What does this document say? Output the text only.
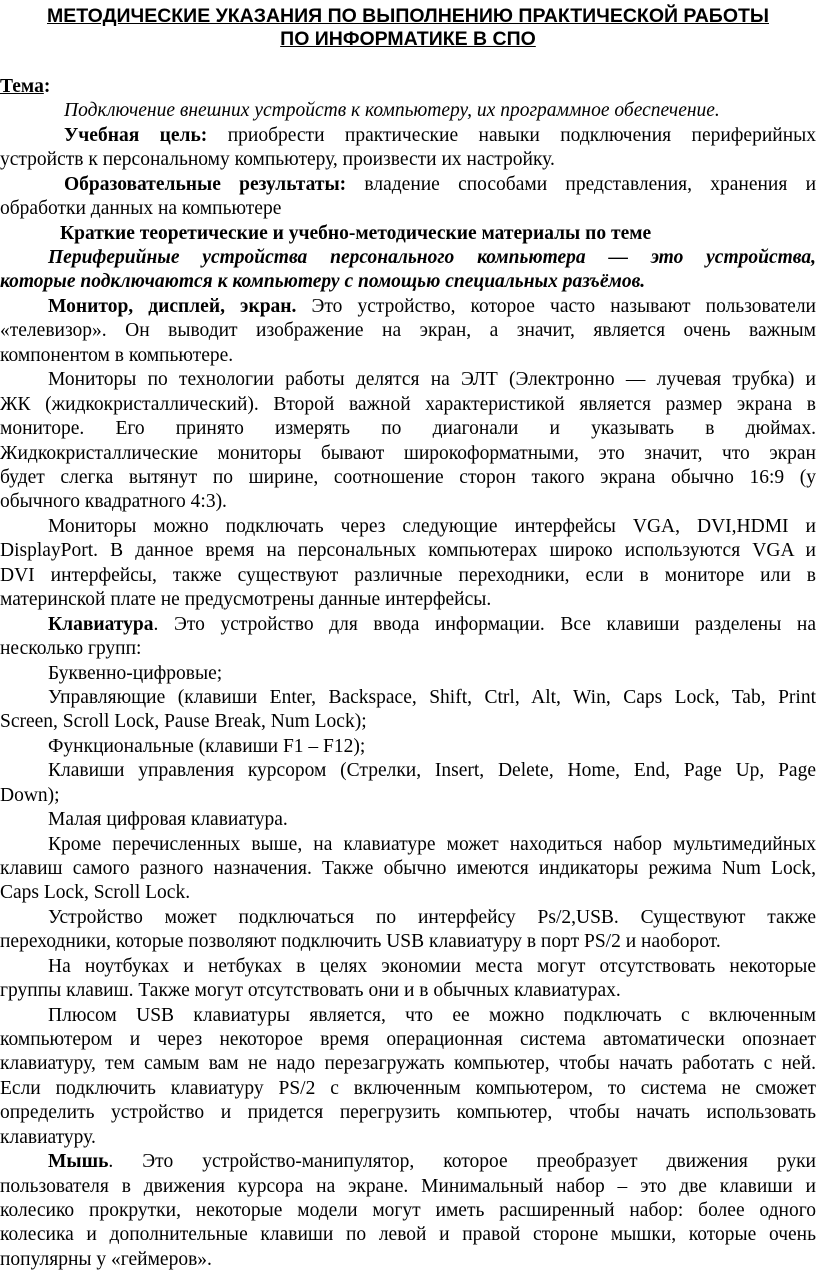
МЕТОДИЧЕСКИЕ УКАЗАНИЯ ПО ВЫПОЛНЕНИЮ ПРАКТИЧЕСКОЙ РАБОТЫ
ПО ИНФОРМАТИКЕ В СПО
Тема:
Подключение внешних устройств к компьютеру, их программное обеспечение.
Учебная цель: приобрести практические навыки подключения периферийных
устройств к персональному компьютеру, произвести их настройку.
Образовательные результаты: владение способами представления, хранения и
обработки данных на компьютере
Краткие теоретические и учебно-методические материалы по теме
Периферийные устройства персонального компьютера — это устройства,
которые подключаются к компьютеру с помощью специальных разъёмов.
Монитор, дисплей, экран. Это устройство, которое часто называют пользователи
«телевизор». Он выводит изображение на экран, а значит, является очень важным
компонентом в компьютере.
Мониторы по технологии работы делятся на ЭЛТ (Электронно — лучевая трубка) и
ЖК (жидкокристаллический). Второй важной характеристикой является размер экрана в
мониторе. Его принято измерять по диагонали и указывать в дюймах.
Жидкокристаллические мониторы бывают широкоформатными, это значит, что экран
будет слегка вытянут по ширине, соотношение сторон такого экрана обычно 16:9 (у
обычного квадратного 4:3).
Мониторы можно подключать через следующие интерфейсы VGA, DVI,HDMI и
DisplayPort. В данное время на персональных компьютерах широко используются VGA и
DVI интерфейсы, также существуют различные переходники, если в мониторе или в
материнской плате не предусмотрены данные интерфейсы.
Клавиатура. Это устройство для ввода информации. Все клавиши разделены на
несколько групп:
Буквенно-цифровые;
Управляющие (клавиши Enter, Backspace, Shift, Ctrl, Alt, Win, Caps Lock, Tab, Print
Screen, Scroll Lock, Pause Break, Num Lock);
Функциональные (клавиши F1 – F12);
Клавиши управления курсором (Стрелки, Insert, Delete, Home, End, Page Up, Page
Down);
Малая цифровая клавиатура.
Кроме перечисленных выше, на клавиатуре может находиться набор мультимедийных
клавиш самого разного назначения. Также обычно имеются индикаторы режима Num Lock,
Caps Lock, Scroll Lock.
Устройство может подключаться по интерфейсу Ps/2,USB. Существуют также
переходники, которые позволяют подключить USB клавиатуру в порт PS/2 и наоборот.
На ноутбуках и нетбуках в целях экономии места могут отсутствовать некоторые
группы клавиш. Также могут отсутствовать они и в обычных клавиатурах.
Плюсом USB клавиатуры является, что ее можно подключать с включенным
компьютером и через некоторое время операционная система автоматически опознает
клавиатуру, тем самым вам не надо перезагружать компьютер, чтобы начать работать с ней.
Если подключить клавиатуру PS/2 с включенным компьютером, то система не сможет
определить устройство и придется перегрузить компьютер, чтобы начать использовать
клавиатуру.
Мышь. Это устройство-манипулятор, которое преобразует движения руки
пользователя в движения курсора на экране. Минимальный набор – это две клавиши и
колесико прокрутки, некоторые модели могут иметь расширенный набор: более одного
колесика и дополнительные клавиши по левой и правой стороне мышки, которые очень
популярны у «геймеров».
